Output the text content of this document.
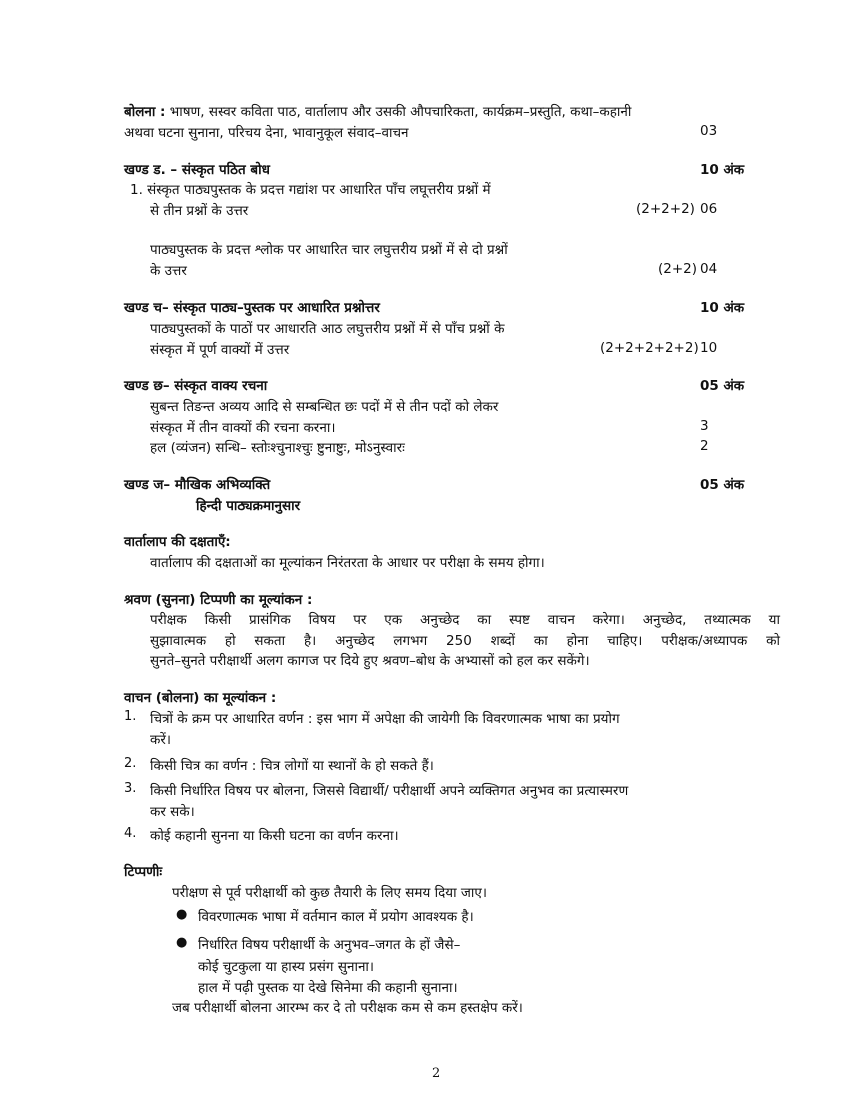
बोलना : भाषण, सस्वर कविता पाठ, वार्तालाप और उसकी औपचारिकता, कार्यक्रम–प्रस्तुति, कथा–कहानी
अथवा घटना सुनाना, परिचय देना, भावानुकूल संवाद–वाचन	03
खण्ड ड. – संस्कृत पठित बोध	10 अंक
1. संस्कृत पाठ्यपुस्तक के प्रदत्त गद्यांश पर आधारित पाँच लघूत्तरीय प्रश्नों में
से तीन प्रश्नों के उत्तर	(2+2+2) 06
पाठ्यपुस्तक के प्रदत्त श्लोक पर आधारित चार लघुत्तरीय प्रश्नों में से दो प्रश्नों
के उत्तर	(2+2) 04
खण्ड च– संस्कृत पाठ्य–पुस्तक पर आधारित प्रश्नोत्तर	10 अंक
पाठ्यपुस्तकों के पाठों पर आधारति आठ लघुत्तरीय प्रश्नों में से पाँच प्रश्नों के
संस्कृत में पूर्ण वाक्यों में उत्तर	(2+2+2+2+2) 10
खण्ड छ– संस्कृत वाक्य रचना	05 अंक
सुबन्त तिङन्त अव्यय आदि से सम्बन्धित छः पदों में से तीन पदों को लेकर
संस्कृत में तीन वाक्यों की रचना करना।	3
हल (व्यंजन) सन्धि– स्तोःश्चुनाश्चुः ष्टुनाष्टुः, मोऽनुस्वारः	2
खण्ड ज– मौखिक अभिव्यक्ति	05 अंक
हिन्दी पाठ्यक्रमानुसार
वार्तालाप की दक्षताएँ:
वार्तालाप की दक्षताओं का मूल्यांकन निरंतरता के आधार पर परीक्षा के समय होगा।
श्रवण (सुनना) टिप्पणी का मूल्यांकन :
परीक्षक किसी प्रासंगिक विषय पर एक अनुच्छेद का स्पष्ट वाचन करेगा। अनुच्छेद, तथ्यात्मक या
सुझावात्मक हो सकता है। अनुच्छेद लगभग 250 शब्दों का होना चाहिए। परीक्षक/अध्यापक को
सुनते–सुनते परीक्षार्थी अलग कागज पर दिये हुए श्रवण–बोध के अभ्यासों को हल कर सकेंगे।
वाचन (बोलना) का मूल्यांकन :
1. चित्रों के क्रम पर आधारित वर्णन : इस भाग में अपेक्षा की जायेगी कि विवरणात्मक भाषा का प्रयोग
करें।
2. किसी चित्र का वर्णन : चित्र लोगों या स्थानों के हो सकते हैं।
3. किसी निर्धारित विषय पर बोलना, जिससे विद्यार्थी/ परीक्षार्थी अपने व्यक्तिगत अनुभव का प्रत्यास्मरण
कर सके।
4. कोई कहानी सुनना या किसी घटना का वर्णन करना।
टिप्पणीः
परीक्षण से पूर्व परीक्षार्थी को कुछ तैयारी के लिए समय दिया जाए।
● विवरणात्मक भाषा में वर्तमान काल में प्रयोग आवश्यक है।
● निर्धारित विषय परीक्षार्थी के अनुभव–जगत के हों जैसे–
कोई चुटकुला या हास्य प्रसंग सुनाना।
हाल में पढ़ी पुस्तक या देखे सिनेमा की कहानी सुनाना।
जब परीक्षार्थी बोलना आरम्भ कर दे तो परीक्षक कम से कम हस्तक्षेप करें।
2
